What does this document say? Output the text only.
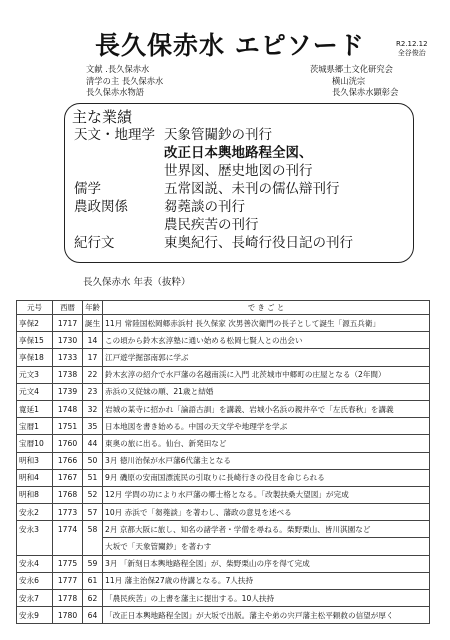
長久保赤水 エピソード	R2.12.12
全谷俊治
文献 .長久保赤水	茨城県郷土文化研究会
清学の主 長久保赤水	横山洸宗
長久保赤水物語	長久保赤水顕彰会
主な業績
天文・地理学 天象管闚鈔の刊行
改正日本輿地路程全図、
世界図、歴史地図の刊行
儒学	五常図説、未刊の儒仏辯刊行
農政関係	芻蕘談の刊行
農民疾苦の刊行
紀行文	東奥紀行、長崎行役日記の刊行
長久保赤水 年表（抜粋）
元号	西暦	年齢	で き ご と
享保2	1717	誕生	11月 常陸国松岡郷赤浜村 長久保家 次男善次衛門の長子として誕生「源五兵衛」
享保15	1730	14	この頃から鈴木玄淳塾に通い始める松岡七賢人との出会い
享保18	1733	17	江戸遊学掘部南郭に学ぶ
元文3	1738	22	鈴木玄淳の紹介で水戸藩の名越南渓に入門 北茨城市中郷町の庄屋となる（2年間）
元文4	1739	23	赤浜の又従妹の順、21歳と結婚
寛延1	1748	32	岩城の某寺に招かれ「論語古訓」を講義、岩城小名浜の親井卒で「左氏春秋」を講義
宝暦1	1751	35	日本地図を書き始める。中国の天文学や地理学を学ぶ
宝暦10	1760	44	東奥の旅に出る。仙台、新発田など
明和3	1766	50	3月 徳川治保が水戸藩6代藩主となる
明和4	1767	51	9月 磯原の安南国漂流民の引取りに長崎行きの役目を命じられる
明和8	1768	52	12月 学問の功により水戸藩の郷士格となる。「改製扶桑大望図」が完成
安永2	1773	57	10月 赤浜で「芻蕘談」を著わし、藩政の意見を述べる
安永3	1774	58	2月 京都大阪に旅し、知名の諸学者・学僧を尋ねる。柴野栗山、皆川淇園など
			大坂で「天象管闚鈔」を著わす
安永4	1775	59	3月 「新刻日本輿地路程全図」が、柴野栗山の序を得て完成
安永6	1777	61	11月 藩主治保27歳の侍講となる。7人扶持
安永7	1778	62	「農民疾苦」の上書を藩主に提出する。10人扶持
安永9	1780	64	「改正日本輿地路程全図」が大坂で出版。藩主や弟の宍戸藩主松平頼救の信望が厚く
